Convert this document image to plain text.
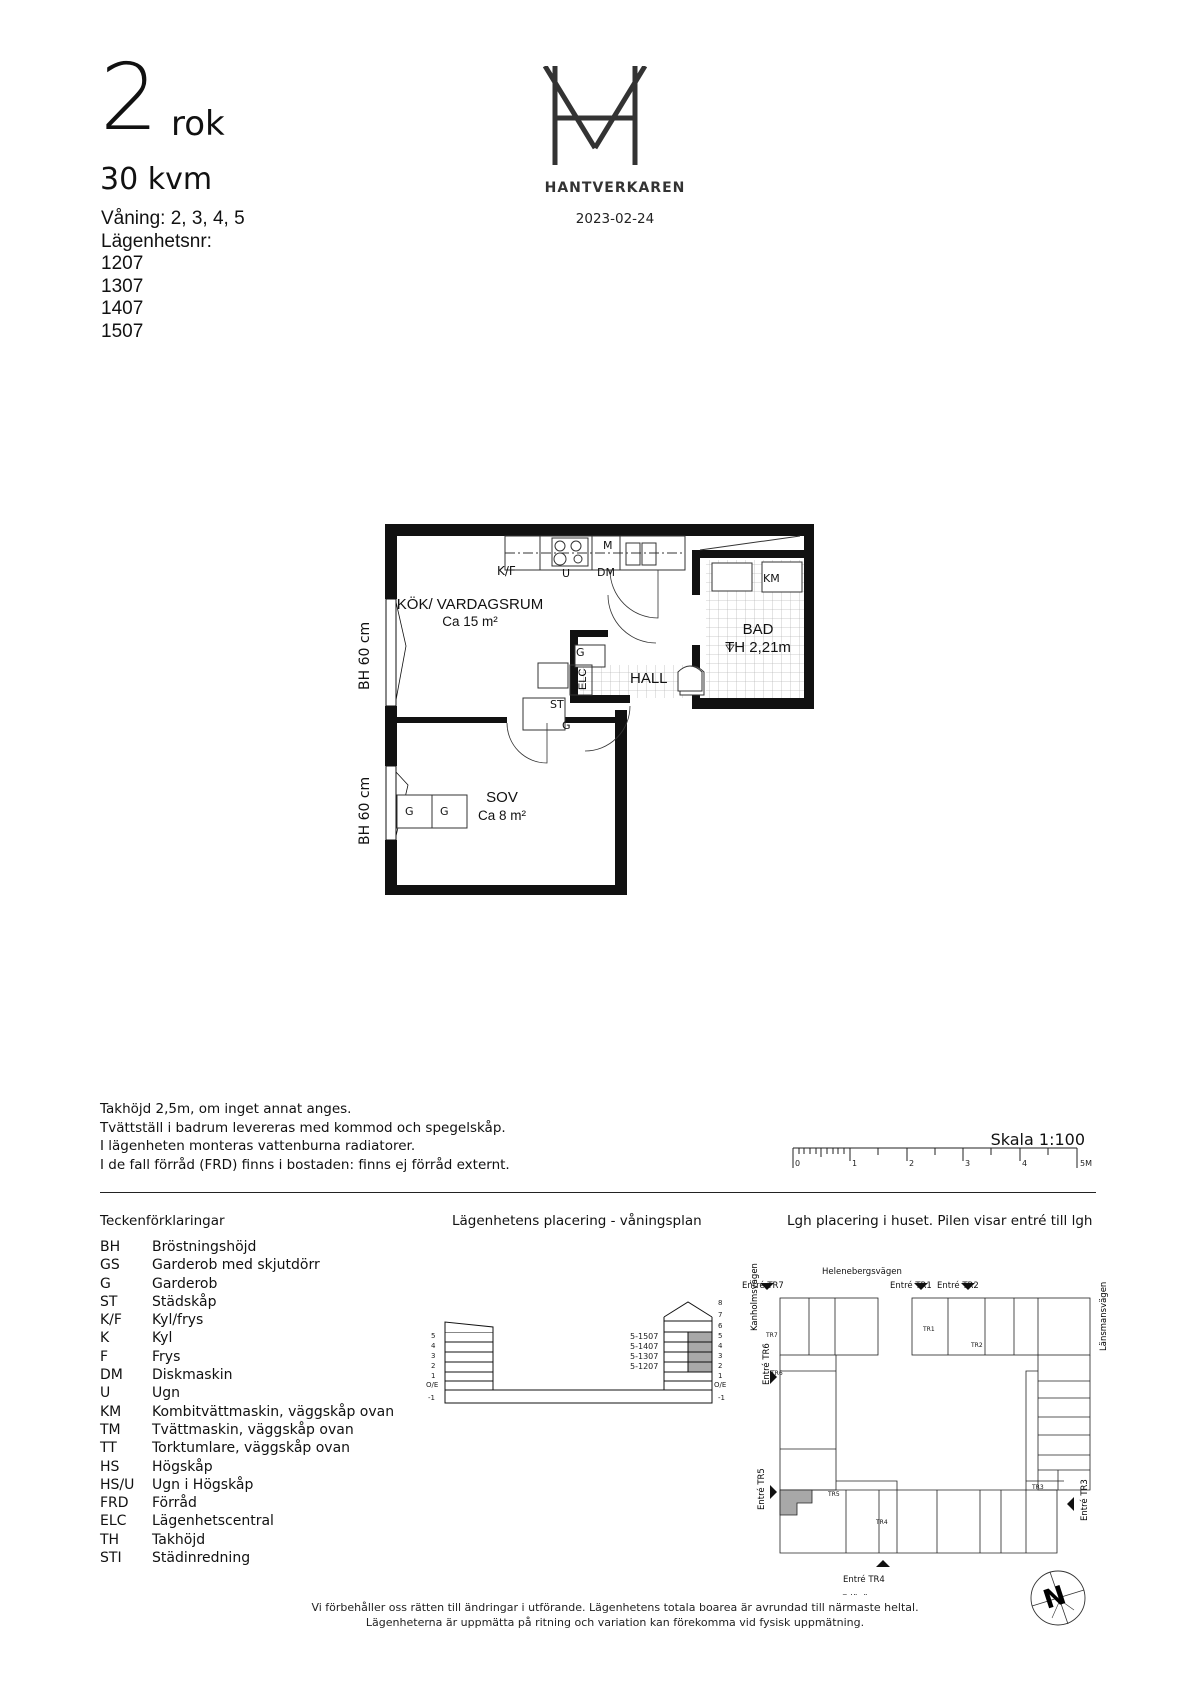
2 rok
30 kvm
Våning: 2, 3, 4, 5
Lägenhetsnr:
1207
1307
1407
1507
HANTVERKAREN
2023-02-24
K/F	U
M
DM	KM
G
ST
G
G G
ELC
KÖK/ VARDAGSRUM
Ca 15 m²	BAD
TH 2,21m
HALL
SOV
Ca 8 m²
BH 60 cm
BH 60 cm
Takhöjd 2,5m, om inget annat anges.
Tvättställ i badrum levereras med kommod och spegelskåp.
I lägenheten monteras vattenburna radiatorer.
I de fall förråd (FRD) finns i bostaden: finns ej förråd externt.
Skala 1:100
0	1	2	3	4	5M
Teckenförklaringar
BH	Bröstningshöjd
GS	Garderob med skjutdörr
G	Garderob
ST	Städskåp
K/F	Kyl/frys
K	Kyl
F	Frys
DM	Diskmaskin
U	Ugn
KM	Kombitvättmaskin, väggskåp ovan
TM	Tvättmaskin, väggskåp ovan
TT	Torktumlare, väggskåp ovan
HS	Högskåp
HS/U	Ugn i Högskåp
FRD	Förråd
ELC	Lägenhetscentral
TH	Takhöjd
STI	Städinredning
Lägenhetens placering - våningsplan
5
4
3
2
1
O/E
-1
8
7
6
5
4
3
2
1
O/E
-1
5-1507
5-1407
5-1307
5-1207
Lgh placering i huset. Pilen visar entré till lgh
Helenebergsvägen
Entré TR7	Entré TR1 Entré TR2
Entré TR4
TR7
TR1
TR2
TR6
TR5
TR3
TR4
Kanholmsvägen
Entré TR6
Entré TR5	Entré TR3
Länsmansvägen
N
Vi förbehåller oss rätten till ändringar i utförande. Lägenhetens totala boarea är avrundad till närmaste heltal.
Lägenheterna är uppmätta på ritning och variation kan förekomma vid fysisk uppmätning.
